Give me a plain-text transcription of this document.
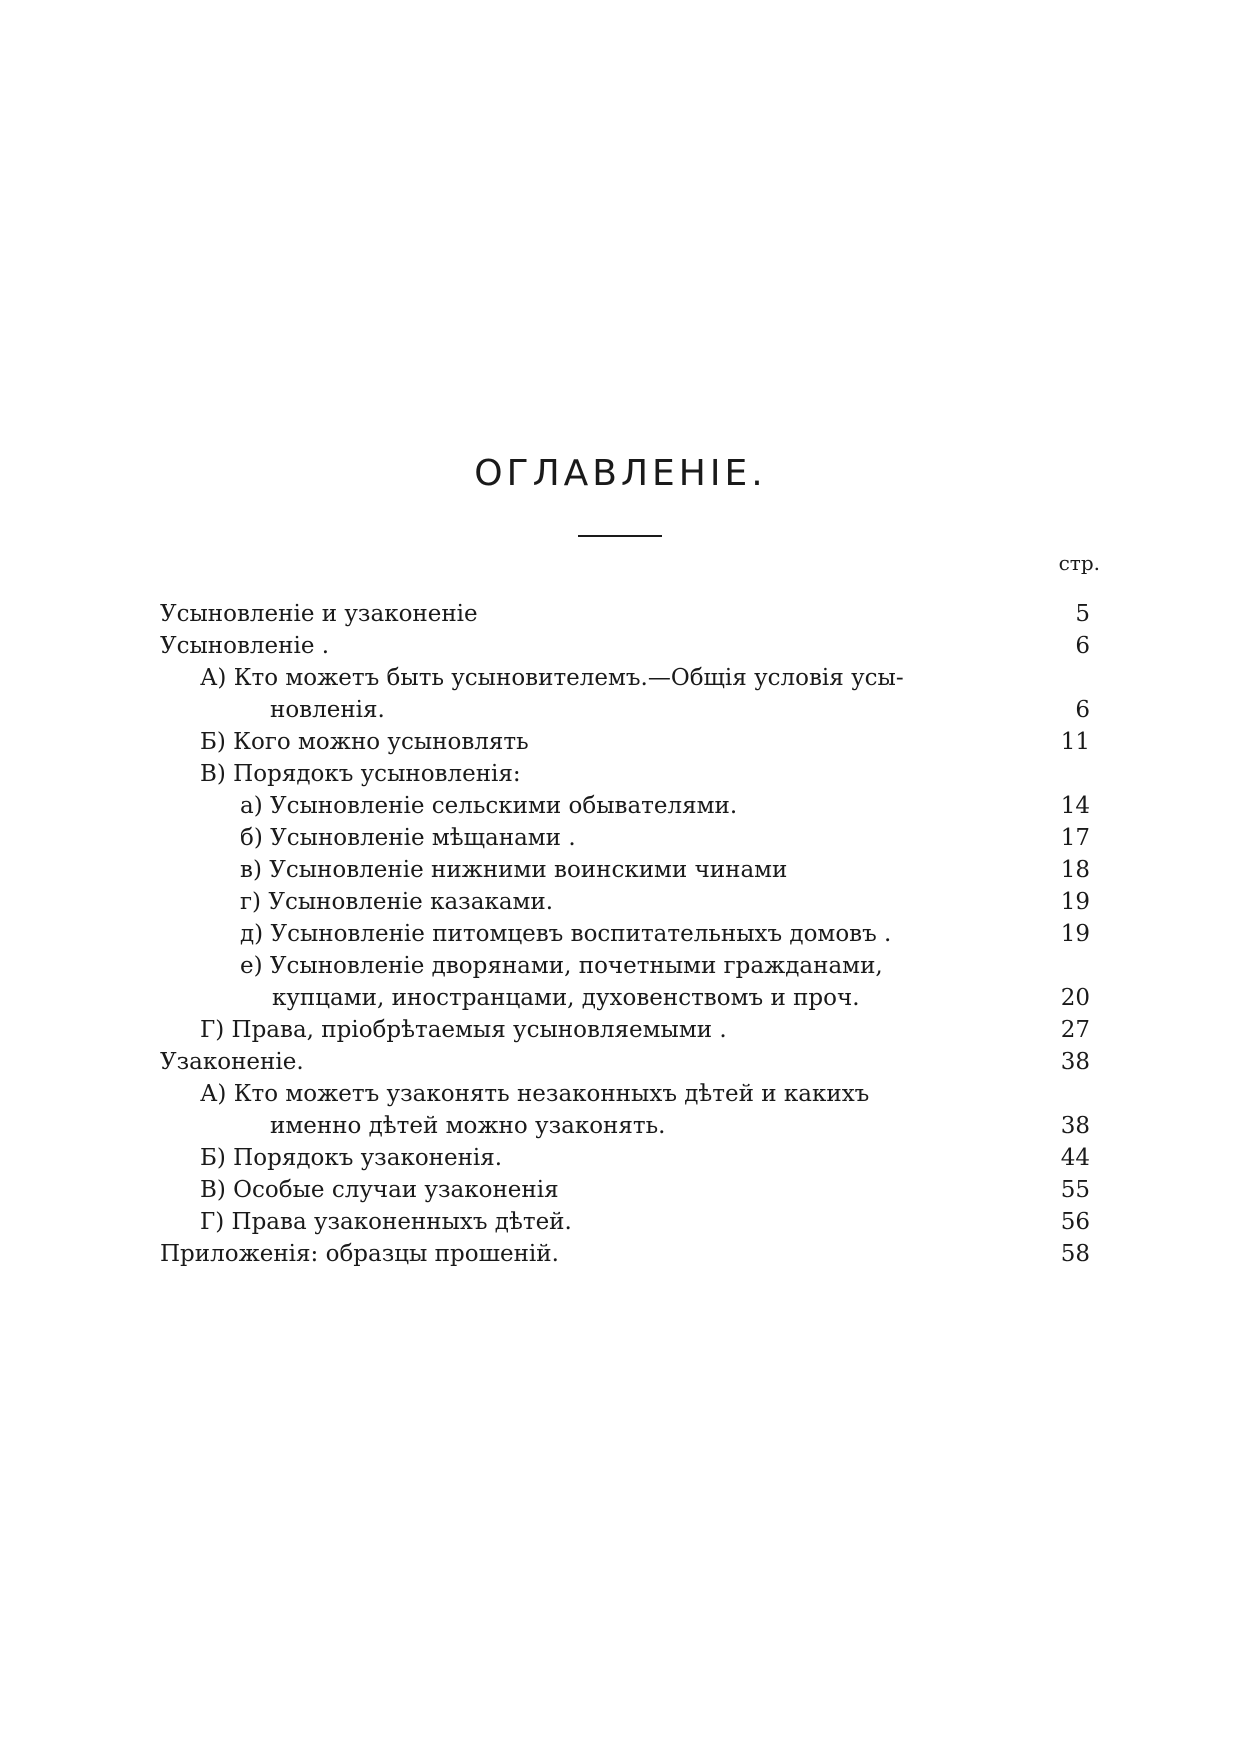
ОГЛАВЛЕНІЕ.
стр.
Усыновленіе и узаконеніе	5
Усыновленіе .	6
А) Кто можетъ быть усыновителемъ.—Общія условія усы-
новленія.	6
Б) Кого можно усыновлять	11
В) Порядокъ усыновленія:
а) Усыновленіе сельскими обывателями.	14
б) Усыновленіе мѣщанами .	17
в) Усыновленіе нижними воинскими чинами	18
г) Усыновленіе казаками.	19
д) Усыновленіе питомцевъ воспитательныхъ домовъ .	19
е) Усыновленіе дворянами, почетными гражданами,
купцами, иностранцами, духовенствомъ и проч.	20
Г) Права, пріобрѣтаемыя усыновляемыми .	27
Узаконеніе.	38
А) Кто можетъ узаконять незаконныхъ дѣтей и какихъ
именно дѣтей можно узаконять.	38
Б) Порядокъ узаконенія.	44
В) Особые случаи узаконенія	55
Г) Права узаконенныхъ дѣтей.	56
Приложенія: образцы прошеній.	58
